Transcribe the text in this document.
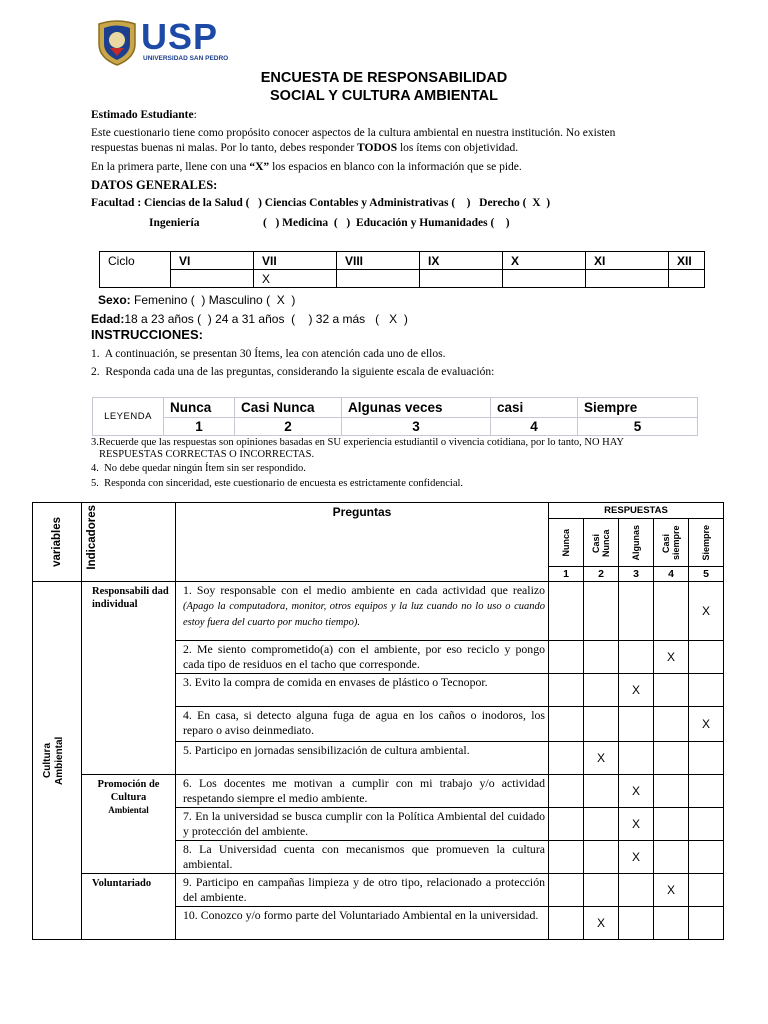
USP
UNIVERSIDAD SAN PEDRO
ENCUESTA DE RESPONSABILIDAD
SOCIAL Y CULTURA AMBIENTAL
Estimado Estudiante:
Este cuestionario tiene como propósito conocer aspectos de la cultura ambiental en nuestra institución. No existen
respuestas buenas ni malas. Por lo tanto, debes responder TODOS los ítems con objetividad.
En la primera parte, llene con una “X” los espacios en blanco con la información que se pide.
DATOS GENERALES:
Facultad : Ciencias de la Salud (   ) Ciencias Contables y Administrativas (    )   Derecho (  X  )
Ingeniería	(   ) Medicina  (   )  Educación y Humanidades (    )
Ciclo	VI	VII	VIII	IX	X	XI	XII
		X					
Sexo: Femenino (  ) Masculino (  X  )
Edad:18 a 23 años (  ) 24 a 31 años  (    ) 32 a más   (   X  )
INSTRUCCIONES:
1.  A continuación, se presentan 30 Ítems, lea con atención cada uno de ellos.
2.  Responda cada una de las preguntas, considerando la siguiente escala de evaluación:
LEYENDA	Nunca	Casi Nunca	Algunas veces	casi	Siempre
	1	2	3	4	5
3.Recuerde que las respuestas son opiniones basadas en SU experiencia estudiantil o vivencia cotidiana, por lo tanto, NO HAY
RESPUESTAS CORRECTAS O INCORRECTAS.
4.  No debe quedar ningún Ítem sin ser respondido.
5.  Responda con sinceridad, este cuestionario de encuesta es estrictamente confidencial.
variables	Indicadores	Preguntas	RESPUESTAS				

			Nunca	Casi Nunca	Algunas	Casi siempre	Siempre

			1	2	3	4	5

Cultura Ambiental	Responsabili dad individual	1. Soy responsable con el medio ambiente en cada actividad que realizo (Apago la computadora, monitor, otros equipos y la luz cuando no lo uso o cuando estoy fuera del cuarto por mucho tiempo).					X
		2. Me siento comprometido(a) con el ambiente, por eso reciclo y pongo cada tipo de residuos en el tacho que corresponde.				X	
		3. Evito la compra de comida en envases de plástico o Tecnopor.			X		
		4. En casa, si detecto alguna fuga de agua en los caños o inodoros, los reparo o aviso deinmediato.					X
		5. Participo en jornadas sensibilización de cultura ambiental.		X			

	Promoción de Cultura
Ambiental	6. Los docentes me motivan a cumplir con mi trabajo y/o actividad respetando siempre el medio ambiente.			X		
		7. En la universidad se busca cumplir con la Política Ambiental del cuidado y protección del ambiente.			X		
		8. La Universidad cuenta con mecanismos que promueven la cultura ambiental.			X		
	Voluntariado	9. Participo en campañas limpieza y de otro tipo, relacionado a protección del ambiente.				X	
		10. Conozco y/o formo parte del Voluntariado Ambiental en la universidad.		X			
